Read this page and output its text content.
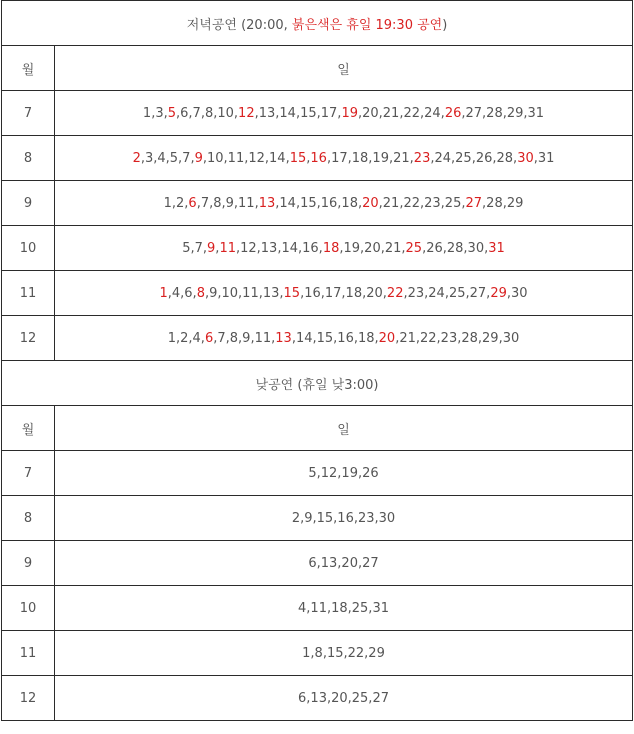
저녁공연 (20:00, 붉은색은 휴일 19:30 공연)	
월	일
7	1,3,5,6,7,8,10,12,13,14,15,17,19,20,21,22,24,26,27,28,29,31
8	2,3,4,5,7,9,10,11,12,14,15,16,17,18,19,21,23,24,25,26,28,30,31
9	1,2,6,7,8,9,11,13,14,15,16,18,20,21,22,23,25,27,28,29
10	5,7,9,11,12,13,14,16,18,19,20,21,25,26,28,30,31
11	1,4,6,8,9,10,11,13,15,16,17,18,20,22,23,24,25,27,29,30
12	1,2,4,6,7,8,9,11,13,14,15,16,18,20,21,22,23,28,29,30
낮공연 (휴일 낮3:00)	
월	일
7	5,12,19,26
8	2,9,15,16,23,30
9	6,13,20,27
10	4,11,18,25,31
11	1,8,15,22,29
12	6,13,20,25,27
